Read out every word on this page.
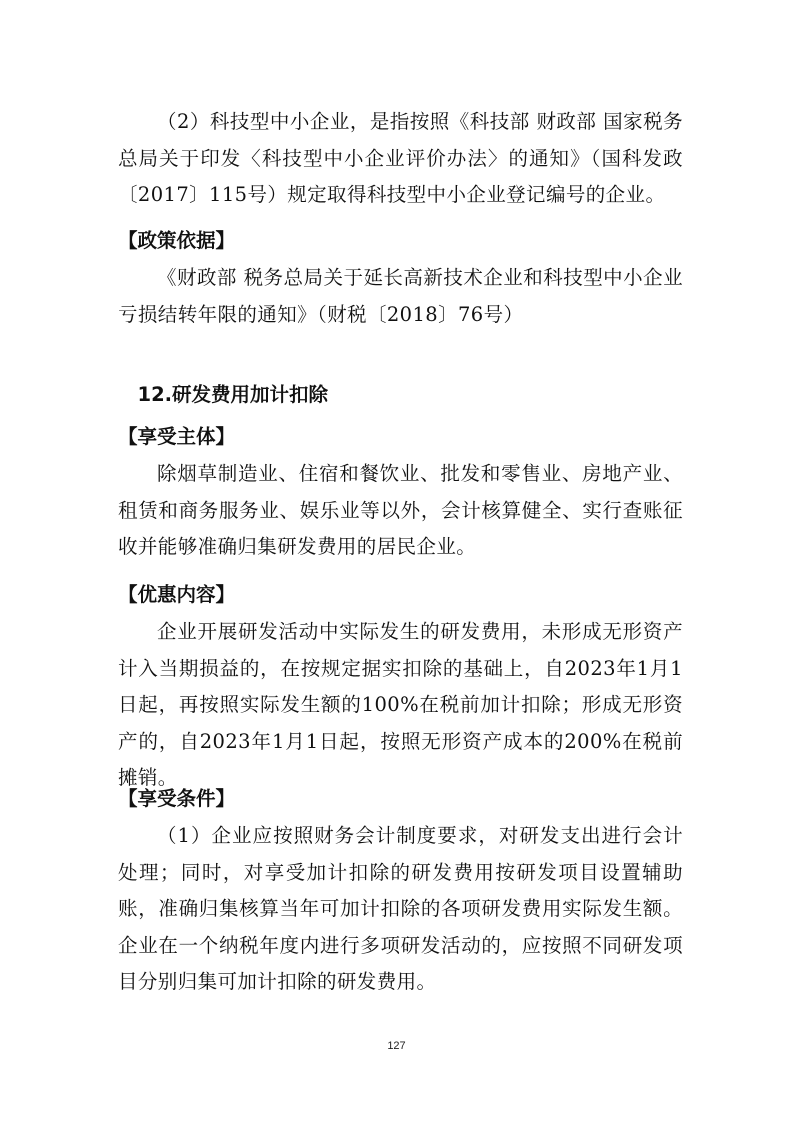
（2）科技型中小企业，是指按照《科技部 财政部 国家税务总局关于印发〈科技型中小企业评价办法〉的通知》（国科发政〔2017〕115号）规定取得科技型中小企业登记编号的企业。

【政策依据】

《财政部 税务总局关于延长高新技术企业和科技型中小企业亏损结转年限的通知》（财税〔2018〕76号）

12.研发费用加计扣除

【享受主体】

除烟草制造业、住宿和餐饮业、批发和零售业、房地产业、租赁和商务服务业、娱乐业等以外，会计核算健全、实行查账征收并能够准确归集研发费用的居民企业。

【优惠内容】

企业开展研发活动中实际发生的研发费用，未形成无形资产计入当期损益的，在按规定据实扣除的基础上，自2023年1月1日起，再按照实际发生额的100%在税前加计扣除；形成无形资产的，自2023年1月1日起，按照无形资产成本的200%在税前摊销。

【享受条件】

（1）企业应按照财务会计制度要求，对研发支出进行会计处理；同时，对享受加计扣除的研发费用按研发项目设置辅助账，准确归集核算当年可加计扣除的各项研发费用实际发生额。企业在一个纳税年度内进行多项研发活动的，应按照不同研发项目分别归集可加计扣除的研发费用。

127
